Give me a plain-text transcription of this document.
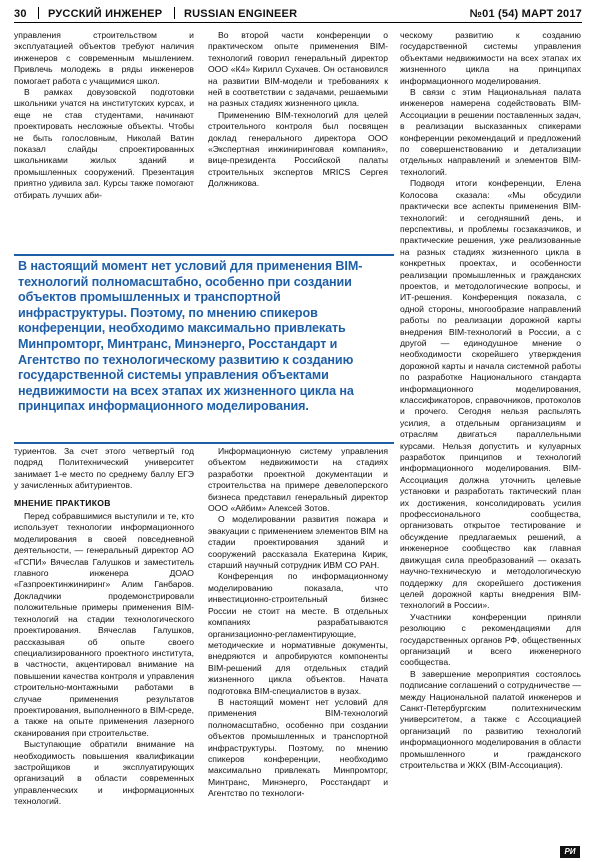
30 РУССКИЙ ИНЖЕНЕР RUSSIAN ENGINEER	№01 (54) МАРТ 2017

управления строительством и эксплуатацией объектов требуют наличия инженеров с современным мышлением. Привлечь молодежь в ряды инженеров помогает работа с учащимися школ.

В рамках довузовской подготовки школьники учатся на институтских курсах, и еще не став студентами, начинают проектировать несложные объекты. Чтобы не быть голословным, Николай Ватин показал слайды спроектированных школьниками жилых зданий и промышленных сооружений. Презентация приятно удивила зал. Курсы также помогают отбирать лучших аби-

Во второй части конференции о практическом опыте применения BIM-технологий говорил генеральный директор ООО «К4» Кирилл Сухачев. Он остановился на развитии BIM-модели и требованиях к ней в соответствии с задачами, решаемыми на разных стадиях жизненного цикла.

Применению BIM-технологий для целей строительного контроля был посвящен доклад генерального директора ООО «Экспертная инжиниринговая компания», вице-президента Российской палаты строительных экспертов MRICS Сергея Должникова.

В настоящий момент нет условий для применения BIM-технологий полномасштабно, особенно при создании объектов промышленных и транспортной инфраструктуры. Поэтому, по мнению спикеров конференции, необходимо максимально привлекать Минпромторг, Минтранс, Минэнерго, Росстандарт и Агентство по технологическому развитию к созданию государственной системы управления объектами недвижимости на всех этапах их жизненного цикла на принципах информационного моделирования.

туриентов. За счет этого четвертый год подряд Политехнический университет занимает 1-е место по среднему баллу ЕГЭ у зачисленных абитуриентов.

МНЕНИЕ ПРАКТИКОВ

Перед собравшимися выступили и те, кто использует технологии информационного моделирования в своей повседневной деятельности, — генеральный директор АО «ГСПИ» Вячеслав Галушков и заместитель главного инженера ДОАО «Газпроектинжиниринг» Алим Ганбаров. Докладчики продемонстрировали положительные примеры применения BIM-технологий на стадии технологического проектирования. Вячеслав Галушков, рассказывая об опыте своего специализированного проектного института, в частности, акцентировал внимание на повышении качества контроля и управления строительно-монтажными работами в случае применения результатов проектирования, выполненного в BIM-среде, а также на опыте применения лазерного сканирования при строительстве.

Выступающие обратили внимание на необходимость повышения квалификации застройщиков и эксплуатирующих организаций в области современных управленческих и информационных технологий.

Информационную систему управления объектом недвижимости на стадиях разработки проектной документации и строительства на примере девелоперского бизнеса представил генеральный директор ООО «Айбим» Алексей Зотов.

О моделировании развития пожара и эвакуации с применением элементов BIM на стадии проектирования зданий и сооружений рассказала Екатерина Кирик, старший научный сотрудник ИВМ СО РАН.

Конференция по информационному моделированию показала, что инвестиционно-строительный бизнес России не стоит на месте. В отдельных компаниях разрабатываются организационно-регламентирующие, методические и нормативные документы, внедряются и апробируются компоненты BIM-решений для отдельных стадий жизненного цикла объектов. Начата подготовка BIM-специалистов в вузах.

В настоящий момент нет условий для применения BIM-технологий полномасштабно, особенно при создании объектов промышленных и транспортной инфраструктуры. Поэтому, по мнению спикеров конференции, необходимо максимально привлекать Минпромторг, Минтранс, Минэнерго, Росстандарт и Агентство по технологи-

ческому развитию к созданию государственной системы управления объектами недвижимости на всех этапах их жизненного цикла на принципах информационного моделирования.

В связи с этим Национальная палата инженеров намерена содействовать BIM-Ассоциации в решении поставленных задач, в реализации высказанных спикерами конференции рекомендаций и предложений по совершенствованию и детализации отдельных направлений и элементов BIM-технологий.

Подводя итоги конференции, Елена Колосова сказала: «Мы обсудили практически все аспекты применения BIM-технологий: и сегодняшний день, и перспективы, и проблемы госзаказчиков, и практические решения, уже реализованные на разных стадиях жизненного цикла в конкретных проектах, и особенности реализации промышленных и гражданских проектов, и методологические вопросы, и ИТ-решения. Конференция показала, с одной стороны, многообразие направлений работы по реализации дорожной карты внедрения BIM-технологий в России, а с другой — единодушное мнение о необходимости скорейшего утверждения дорожной карты и начала системной работы по разработке Национального стандарта информационного моделирования, классификаторов, справочников, протоколов и прочего. Сегодня нельзя распылять усилия, а отдельным организациям и отраслям двигаться параллельными курсами. Нельзя допустить и кулуарных разработок принципов и технологий информационного моделирования. BIM-Ассоциация должна уточнить целевые установки и разработать тактический план их достижения, консолидировать усилия профессионального сообщества, организовать открытое тестирование и обсуждение предлагаемых решений, а инженерное сообщество как главная движущая сила преобразований — оказать научно-техническую и методологическую поддержку для скорейшего достижения целей дорожной карты внедрения BIM-технологий в России».

Участники конференции приняли резолюцию с рекомендациями для государственных органов РФ, общественных организаций и всего инженерного сообщества.

В завершение мероприятия состоялось подписание соглашений о сотрудничестве — между Национальной палатой инженеров и Санкт-Петербургским политехническим университетом, а также с Ассоциацией организаций по развитию технологий информационного моделирования в области промышленного и гражданского строительства и ЖКХ (BIM-Ассоциация).

РИ
